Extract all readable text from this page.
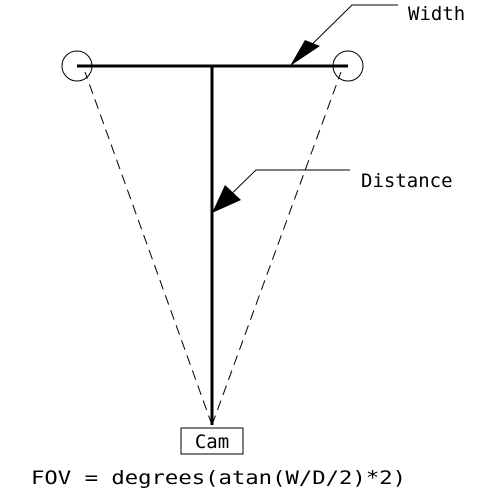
Width
Distance
Cam
FOV = degrees(atan(W/D/2)*2)
